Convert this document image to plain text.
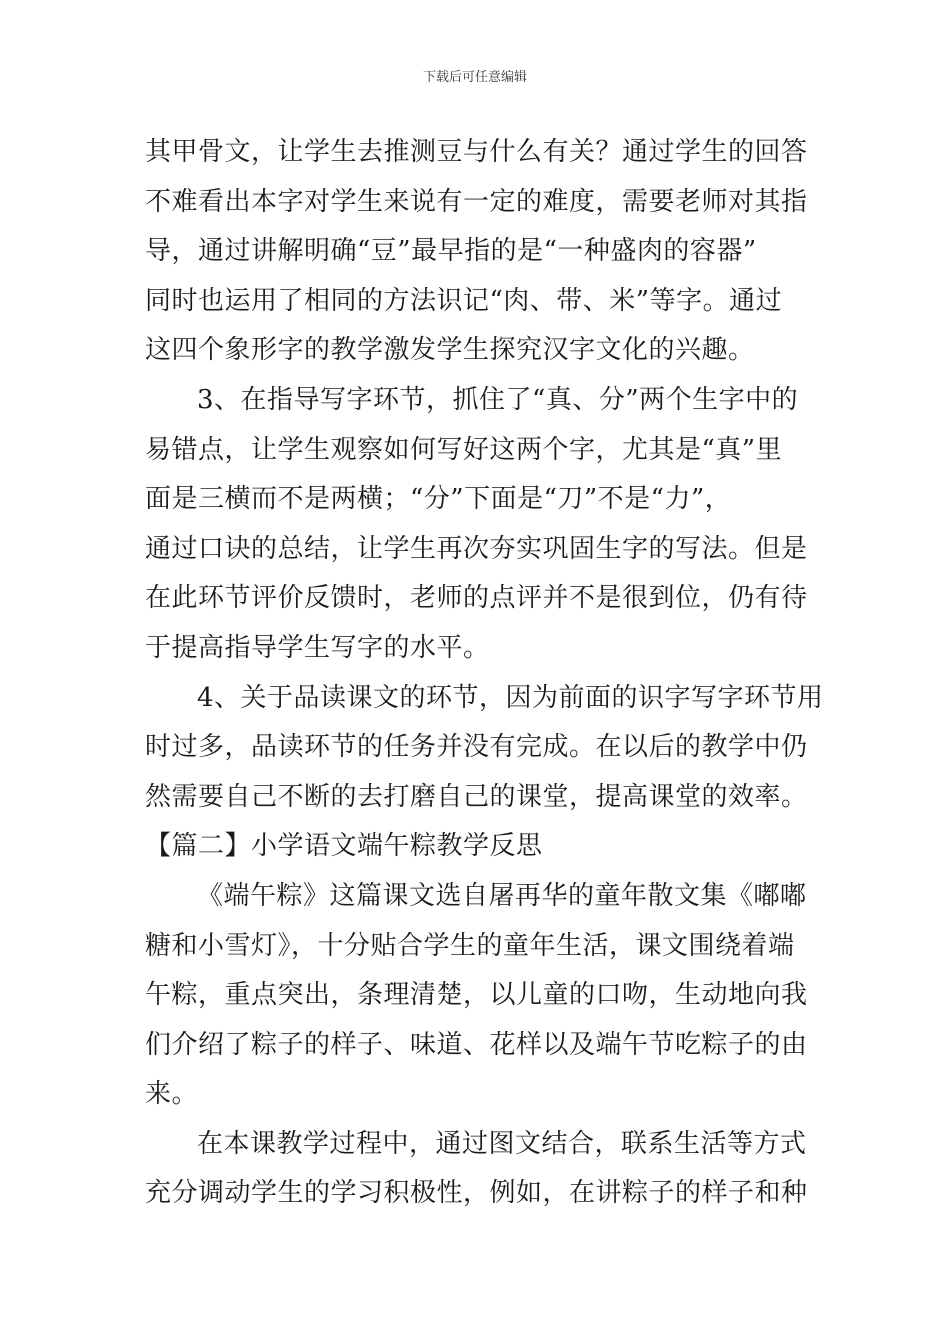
下载后可任意编辑
其甲骨文，让学生去推测豆与什么有关？通过学生的回答
不难看出本字对学生来说有一定的难度，需要老师对其指
导，通过讲解明确“豆”最早指的是“一种盛肉的容器”
同时也运用了相同的方法识记“肉、带、米”等字。通过
这四个象形字的教学激发学生探究汉字文化的兴趣。
3、在指导写字环节，抓住了“真、分”两个生字中的
易错点，让学生观察如何写好这两个字，尤其是“真”里
面是三横而不是两横；“分”下面是“刀”不是“力”，
通过口诀的总结，让学生再次夯实巩固生字的写法。但是
在此环节评价反馈时，老师的点评并不是很到位，仍有待
于提高指导学生写字的水平。
4、关于品读课文的环节，因为前面的识字写字环节用
时过多，品读环节的任务并没有完成。在以后的教学中仍
然需要自己不断的去打磨自己的课堂，提高课堂的效率。
【篇二】小学语文端午粽教学反思
《端午粽》这篇课文选自屠再华的童年散文集《嘟嘟
糖和小雪灯》，十分贴合学生的童年生活，课文围绕着端
午粽，重点突出，条理清楚，以儿童的口吻，生动地向我
们介绍了粽子的样子、味道、花样以及端午节吃粽子的由
来。
在本课教学过程中，通过图文结合，联系生活等方式
充分调动学生的学习积极性，例如，在讲粽子的样子和种
